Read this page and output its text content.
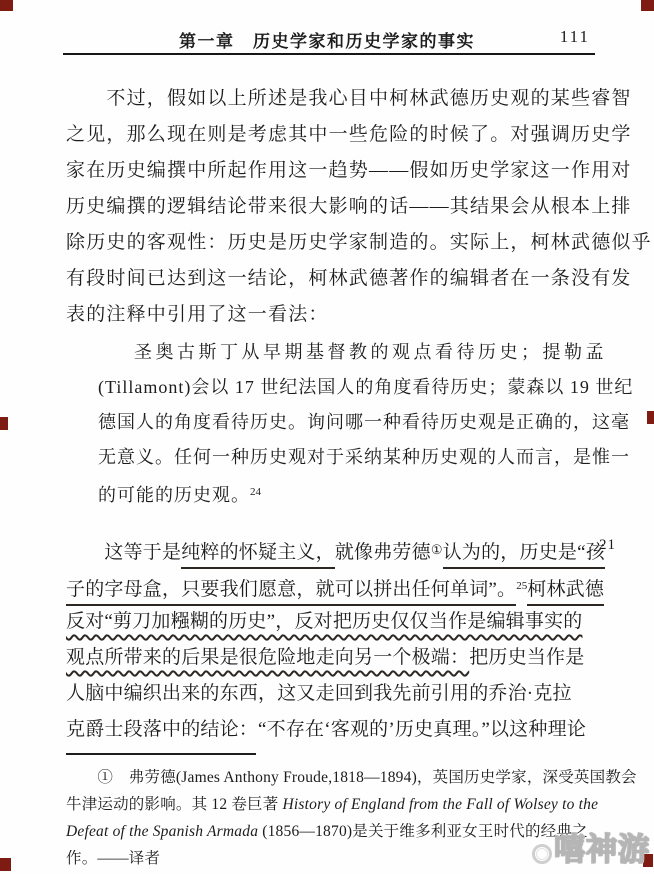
第一章　历史学家和历史学家的事实	111
　　不过，假如以上所述是我心目中柯林武德历史观的某些睿智
之见，那么现在则是考虑其中一些危险的时候了。对强调历史学
家在历史编撰中所起作用这一趋势——假如历史学家这一作用对
历史编撰的逻辑结论带来很大影响的话——其结果会从根本上排
除历史的客观性：历史是历史学家制造的。实际上，柯林武德似乎
有段时间已达到这一结论，柯林武德著作的编辑者在一条没有发
表的注释中引用了这一看法：
圣奥古斯丁从早期基督教的观点看待历史；提勒孟
(Tillamont)会以 17 世纪法国人的角度看待历史；蒙森以 19 世纪
德国人的角度看待历史。询问哪一种看待历史观是正确的，这毫
无意义。任何一种历史观对于采纳某种历史观的人而言，是惟一
的可能的历史观。$^{24}$
21
　　这等于是纯粹的怀疑主义，就像弗劳德①认为的，历史是“孩
子的字母盒，只要我们愿意，就可以拼出任何单词”。$^{25}$柯林武德
反对“剪刀加糨糊的历史”，反对把历史仅仅当作是编辑事实的
观点所带来的后果是很危险地走向另一个极端：把历史当作是
人脑中编织出来的东西，这又走回到我先前引用的乔治·克拉
克爵士段落中的结论：“不存在‘客观的’历史真理。”以这种理论
　　①　弗劳德(James Anthony Froude,1818—1894)，英国历史学家，深受英国教会
牛津运动的影响。其 12 卷巨著 History of England from the Fall of Wolsey to the
Defeat of the Spanish Armada (1856—1870)是关于维多利亚女王时代的经典之
作。——译者	嘻神游
